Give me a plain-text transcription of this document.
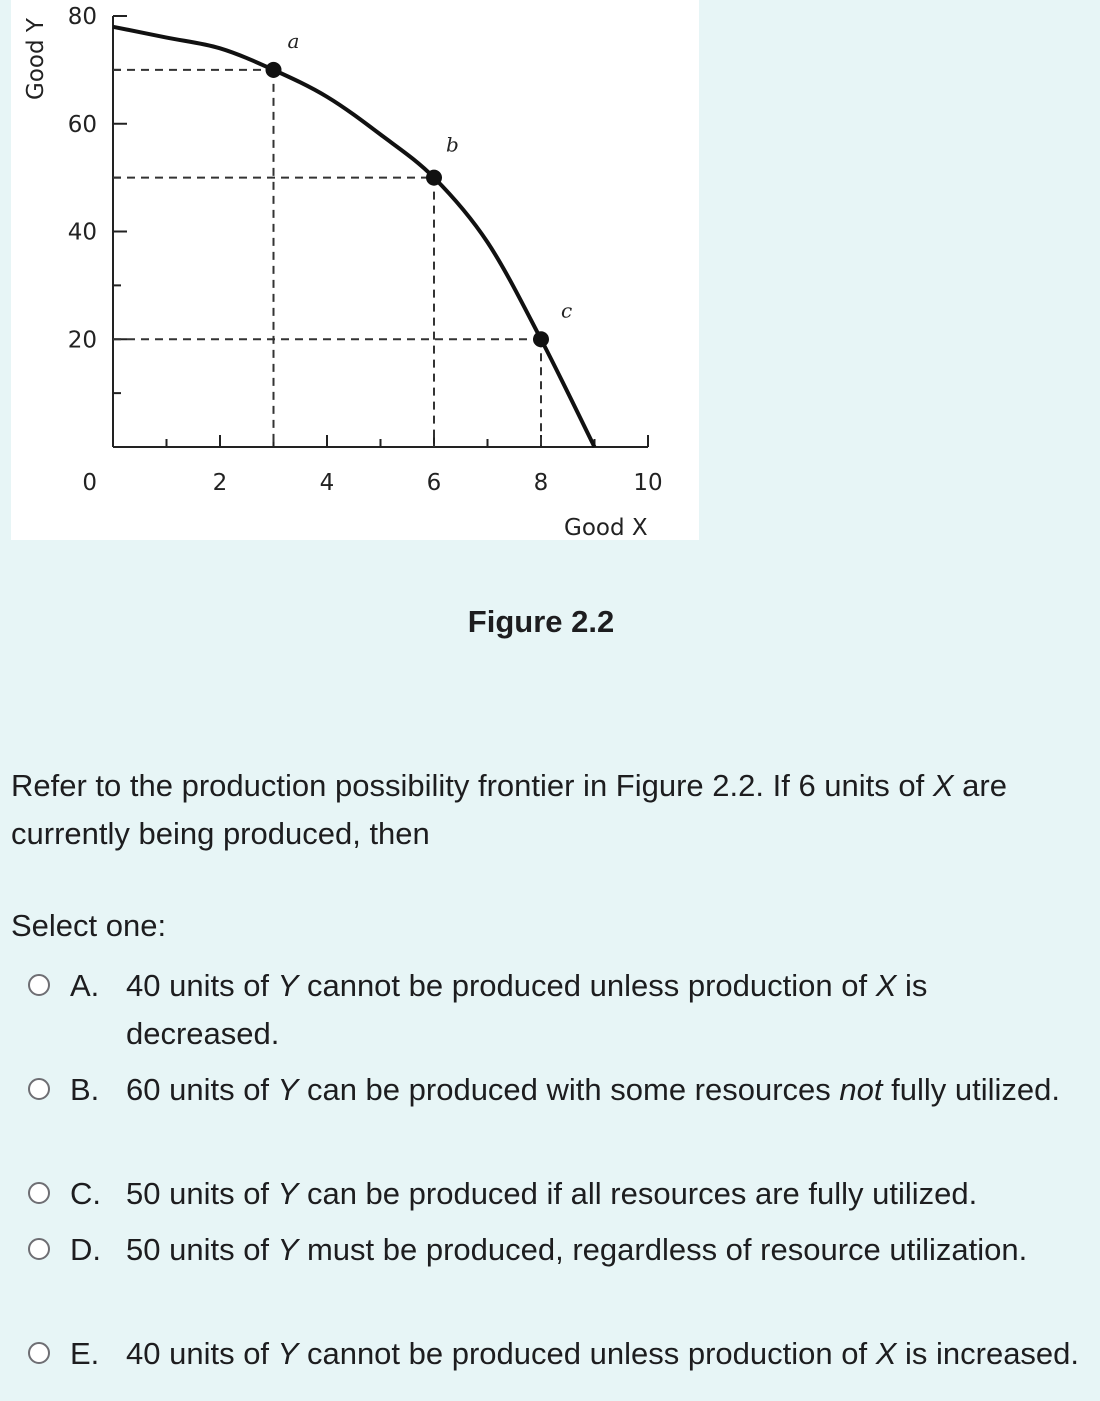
Good Y
Good X
0
20
40
60
80
2	4	6	8	10
a
b
c
Figure 2.2
Refer to the production possibility frontier in Figure 2.2. If 6 units of X are currently being produced, then
Select one:
A. 40 units of Y cannot be produced unless production of X is decreased.
B. 60 units of Y can be produced with some resources not fully utilized.
C. 50 units of Y can be produced if all resources are fully utilized.
D. 50 units of Y must be produced, regardless of resource utilization.
E. 40 units of Y cannot be produced unless production of X is increased.
